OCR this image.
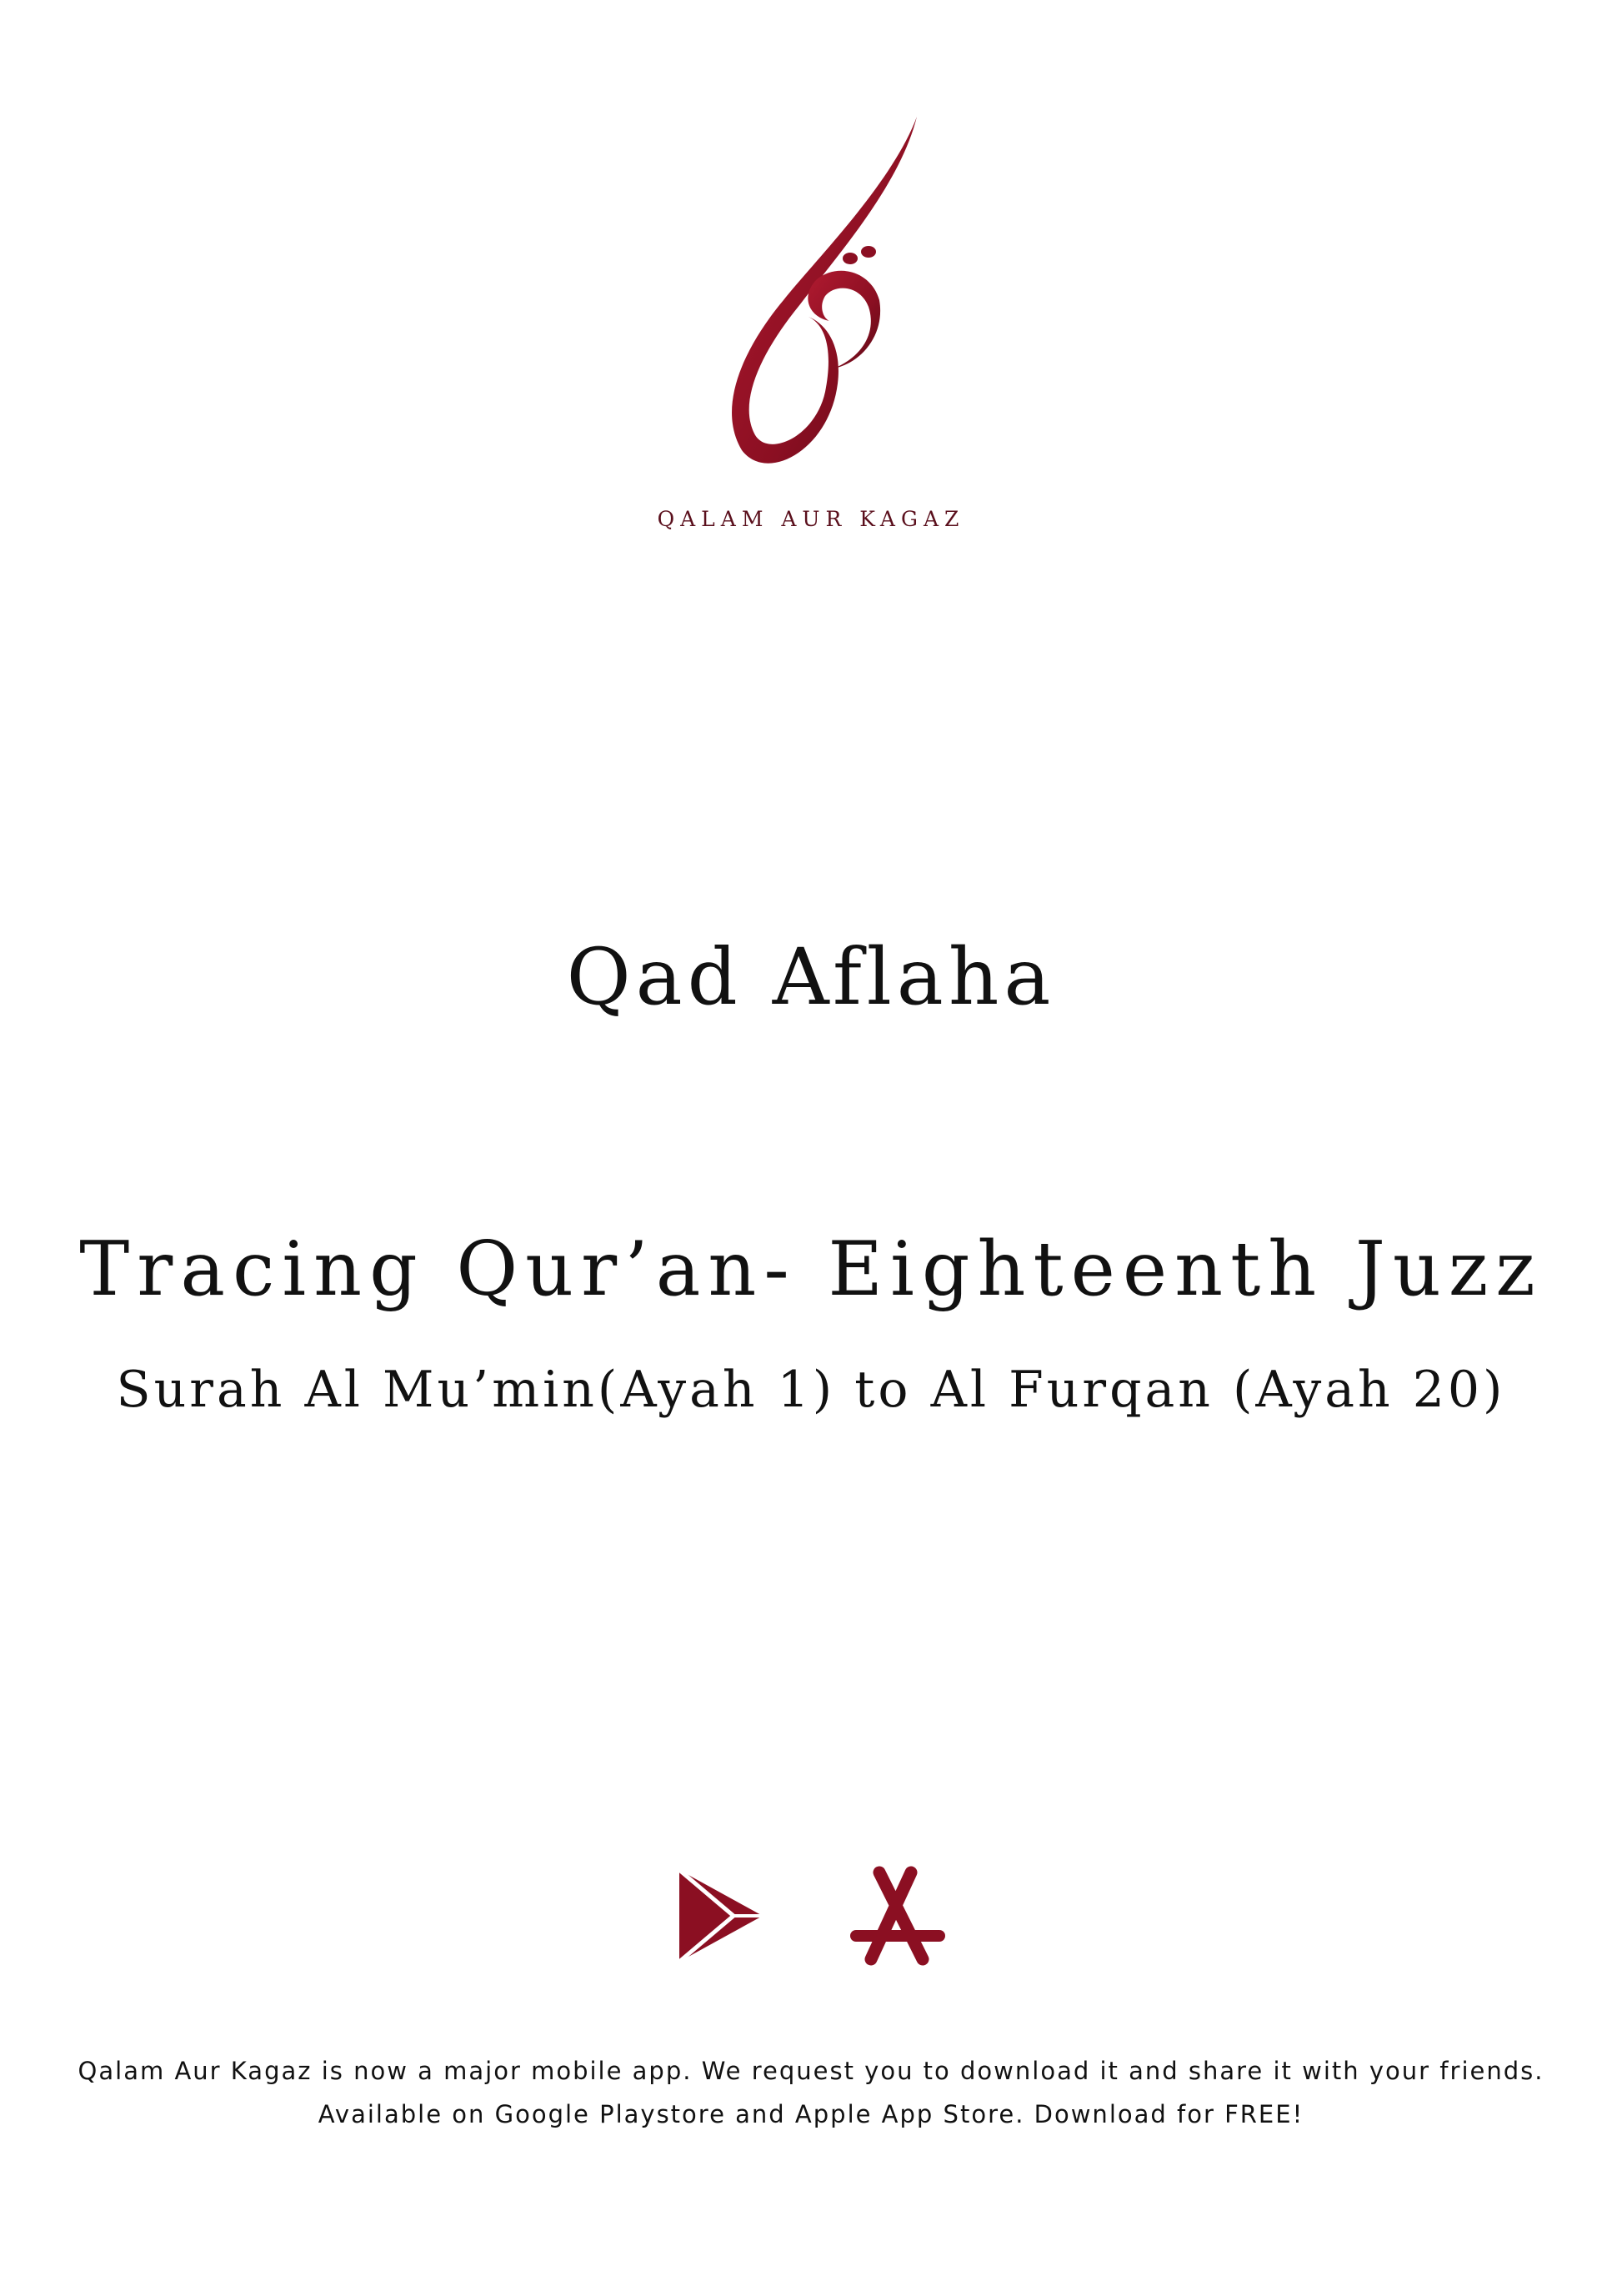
QALAM AUR KAGAZ
Qad Aflaha
Tracing Qur’an- Eighteenth Juzz
Surah Al Mu’min(Ayah 1) to Al Furqan (Ayah 20)
Qalam Aur Kagaz is now a major mobile app. We request you to download it and share it with your friends.
Available on Google Playstore and Apple App Store. Download for FREE!
